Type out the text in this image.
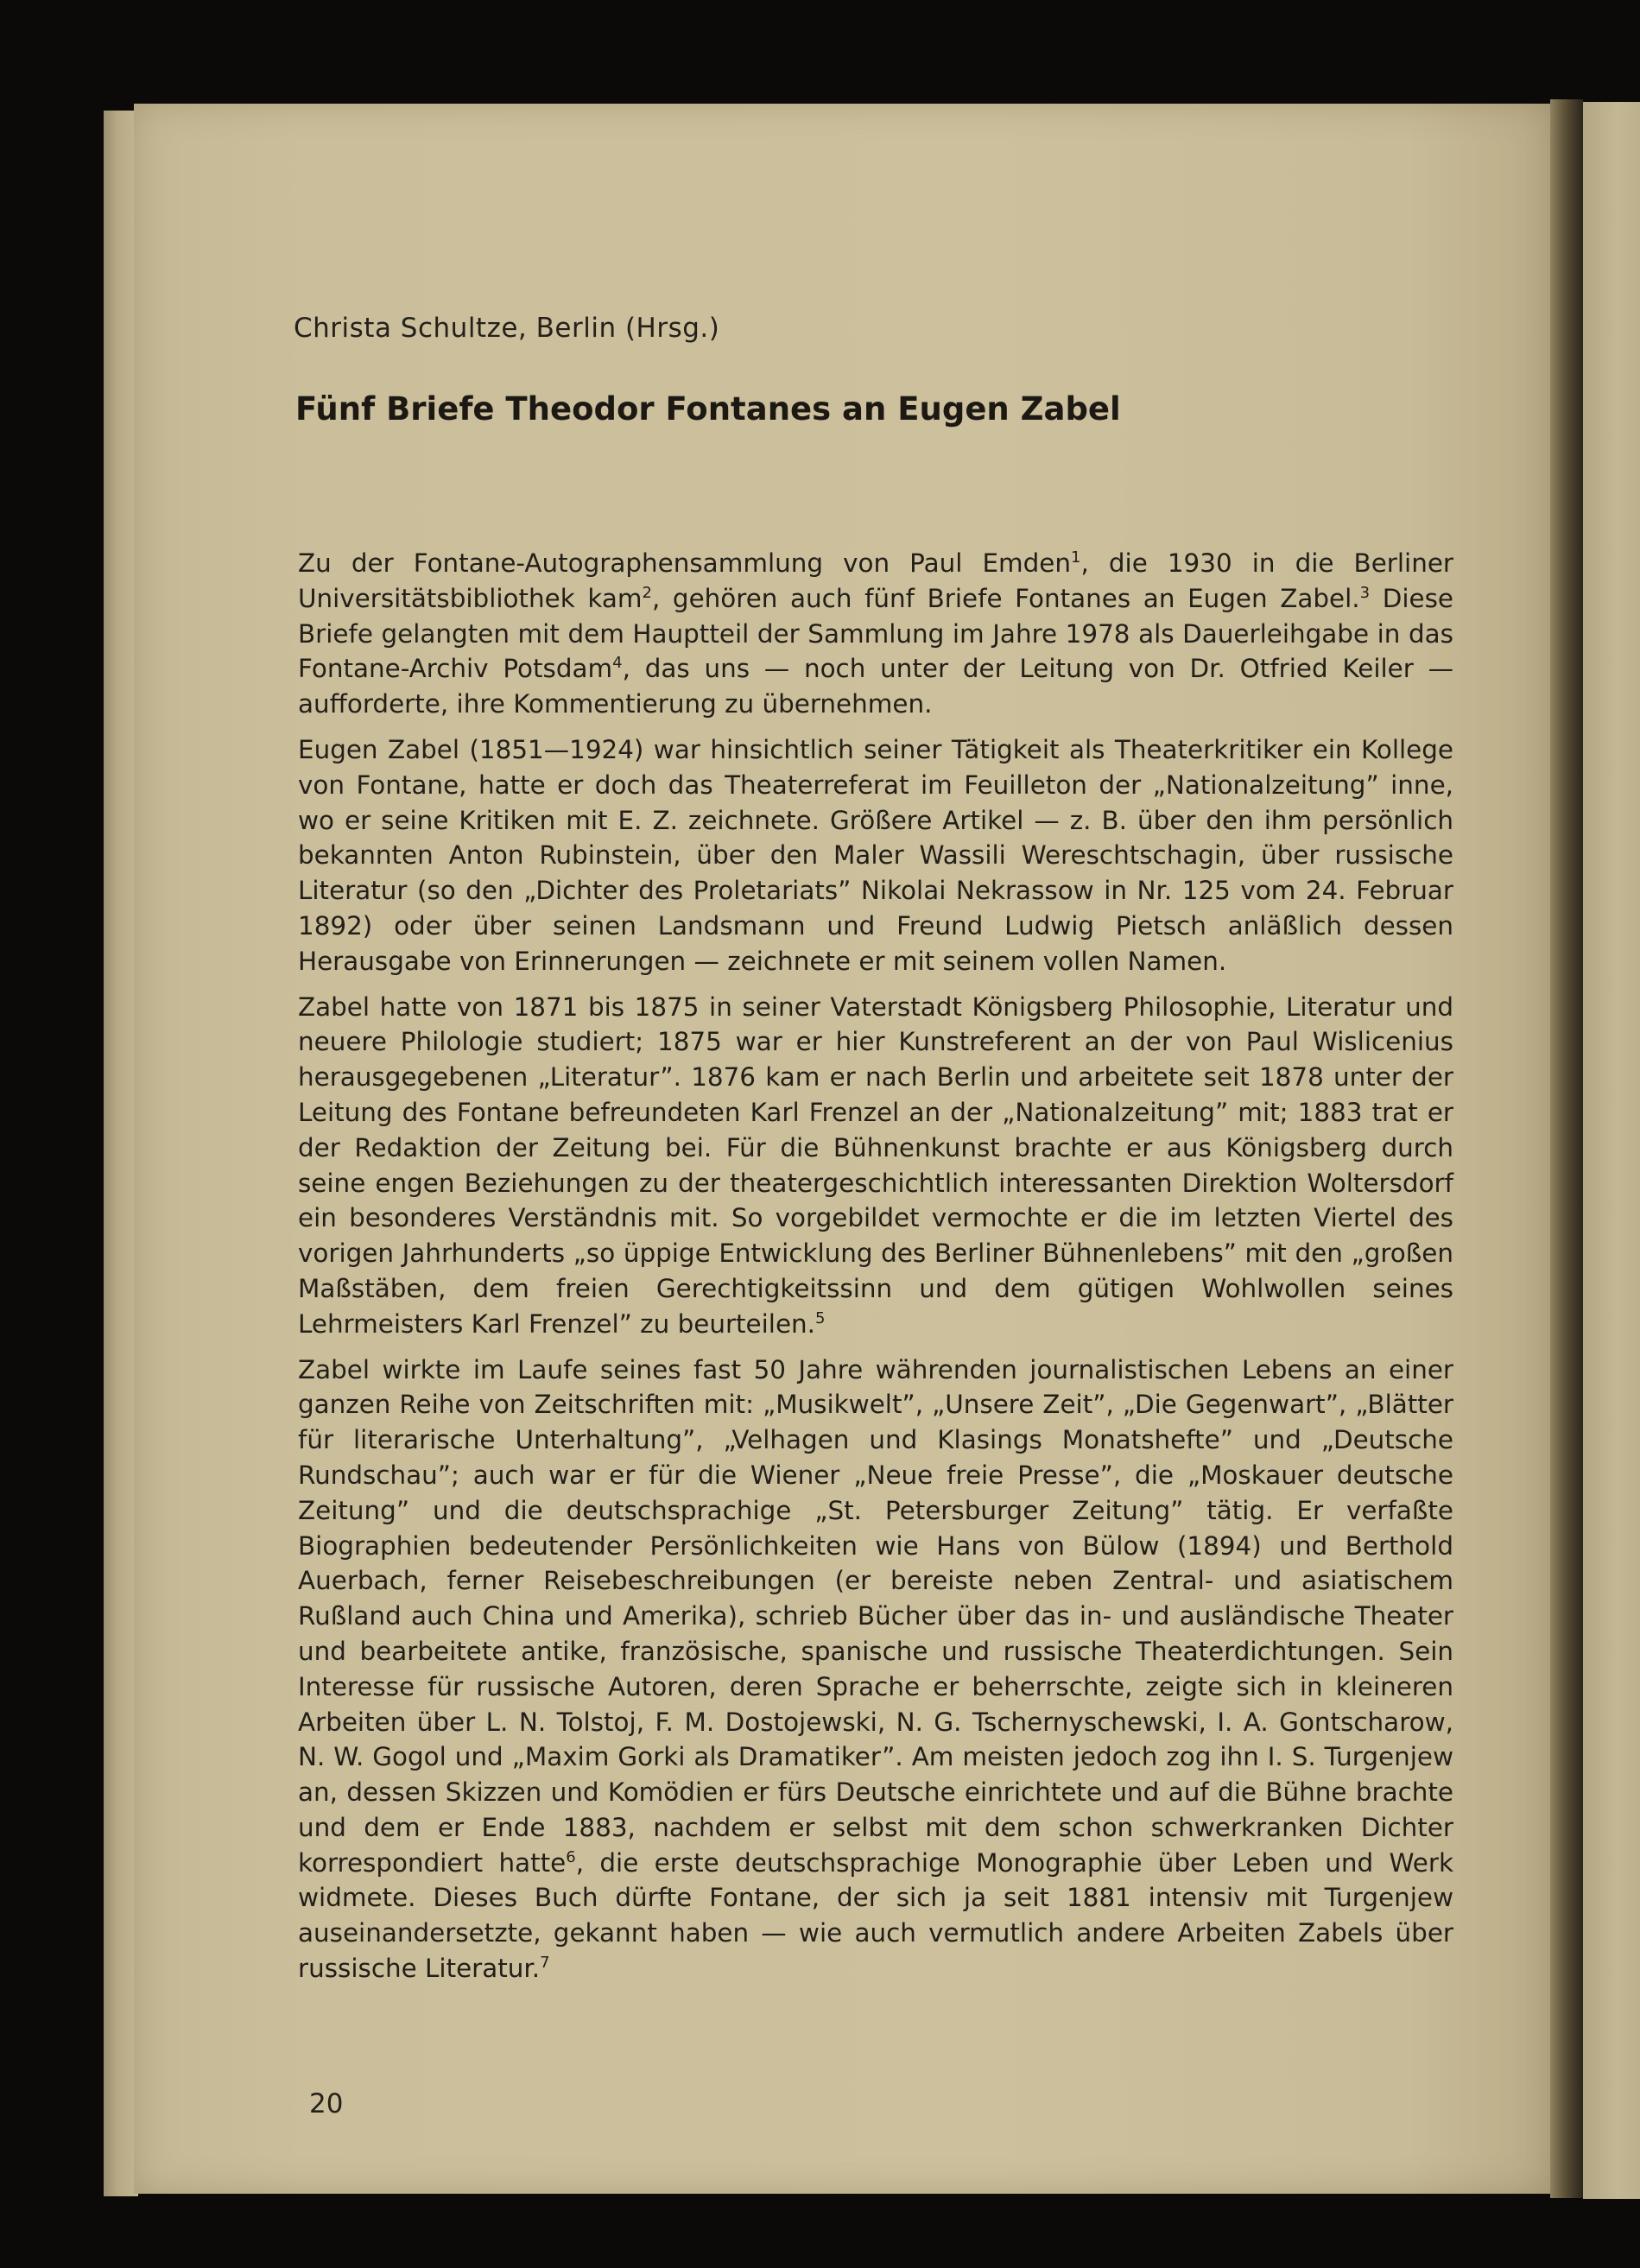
Christa Schultze, Berlin (Hrsg.)
Fünf Briefe Theodor Fontanes an Eugen Zabel

Zu der Fontane-Autographensammlung von Paul Emden$^1$, die 1930 in die Berliner Universitätsbibliothek kam$^2$, gehören auch fünf Briefe Fontanes an Eugen Zabel.$^3$ Diese Briefe gelangten mit dem Hauptteil der Sammlung im Jahre 1978 als Dauerleihgabe in das Fontane-Archiv Potsdam$^4$, das uns — noch unter der Leitung von Dr. Otfried Keiler — aufforderte, ihre Kommentierung zu übernehmen.

Eugen Zabel (1851—1924) war hinsichtlich seiner Tätigkeit als Theaterkritiker ein Kollege von Fontane, hatte er doch das Theaterreferat im Feuilleton der „Nationalzeitung” inne, wo er seine Kritiken mit E. Z. zeichnete. Größere Artikel — z. B. über den ihm persönlich bekannten Anton Rubinstein, über den Maler Wassili Wereschtschagin, über russische Literatur (so den „Dichter des Proletariats” Nikolai Nekrassow in Nr. 125 vom 24. Februar 1892) oder über seinen Landsmann und Freund Ludwig Pietsch anläßlich dessen Herausgabe von Erinnerungen — zeichnete er mit seinem vollen Namen.

Zabel hatte von 1871 bis 1875 in seiner Vaterstadt Königsberg Philosophie, Literatur und neuere Philologie studiert; 1875 war er hier Kunstreferent an der von Paul Wislicenius herausgegebenen „Literatur”. 1876 kam er nach Berlin und arbeitete seit 1878 unter der Leitung des Fontane befreundeten Karl Frenzel an der „Nationalzeitung” mit; 1883 trat er der Redaktion der Zeitung bei. Für die Bühnenkunst brachte er aus Königsberg durch seine engen Beziehungen zu der theatergeschichtlich interessanten Direktion Woltersdorf ein besonderes Verständnis mit. So vorgebildet vermochte er die im letzten Viertel des vorigen Jahrhunderts „so üppige Entwicklung des Berliner Bühnenlebens” mit den „großen Maßstäben, dem freien Gerechtigkeitssinn und dem gütigen Wohlwollen seines Lehrmeisters Karl Frenzel” zu beurteilen.$^5$

Zabel wirkte im Laufe seines fast 50 Jahre währenden journalistischen Lebens an einer ganzen Reihe von Zeitschriften mit: „Musikwelt”, „Unsere Zeit”, „Die Gegenwart”, „Blätter für literarische Unterhaltung”, „Velhagen und Klasings Monatshefte” und „Deutsche Rundschau”; auch war er für die Wiener „Neue freie Presse”, die „Moskauer deutsche Zeitung” und die deutschsprachige „St. Petersburger Zeitung” tätig. Er verfaßte Biographien bedeutender Persönlichkeiten wie Hans von Bülow (1894) und Berthold Auerbach, ferner Reisebeschreibungen (er bereiste neben Zentral- und asiatischem Rußland auch China und Amerika), schrieb Bücher über das in- und ausländische Theater und bearbeitete antike, französische, spanische und russische Theaterdichtungen. Sein Interesse für russische Autoren, deren Sprache er beherrschte, zeigte sich in kleineren Arbeiten über L. N. Tolstoj, F. M. Dostojewski, N. G. Tschernyschewski, I. A. Gontscharow, N. W. Gogol und „Maxim Gorki als Dramatiker”. Am meisten jedoch zog ihn I. S. Turgenjew an, dessen Skizzen und Komödien er fürs Deutsche einrichtete und auf die Bühne brachte und dem er Ende 1883, nachdem er selbst mit dem schon schwerkranken Dichter korrespondiert hatte$^6$, die erste deutschsprachige Monographie über Leben und Werk widmete. Dieses Buch dürfte Fontane, der sich ja seit 1881 intensiv mit Turgenjew auseinandersetzte, gekannt haben — wie auch vermutlich andere Arbeiten Zabels über russische Literatur.$^7$

20
